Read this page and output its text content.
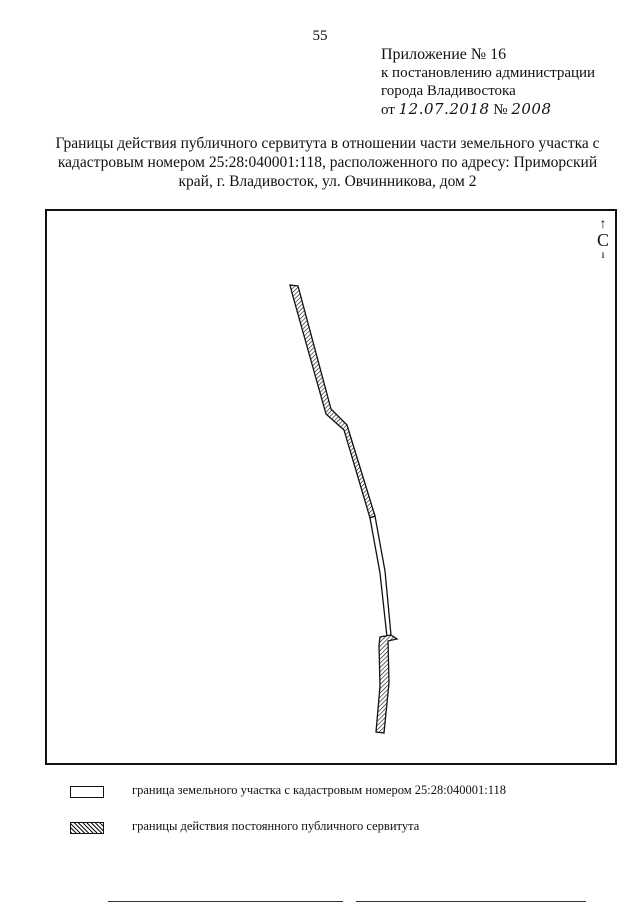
55
Приложение № 16
к постановлению администрации
города Владивостока
от 12.07.2018 № 2008
Границы действия публичного сервитута в отношении части земельного участка с кадастровым номером 25:28:040001:118, расположенного по адресу: Приморский край, г. Владивосток, ул. Овчинникова, дом 2
↑
С
ı
граница земельного участка с кадастровым номером 25:28:040001:118
границы действия постоянного публичного сервитута
